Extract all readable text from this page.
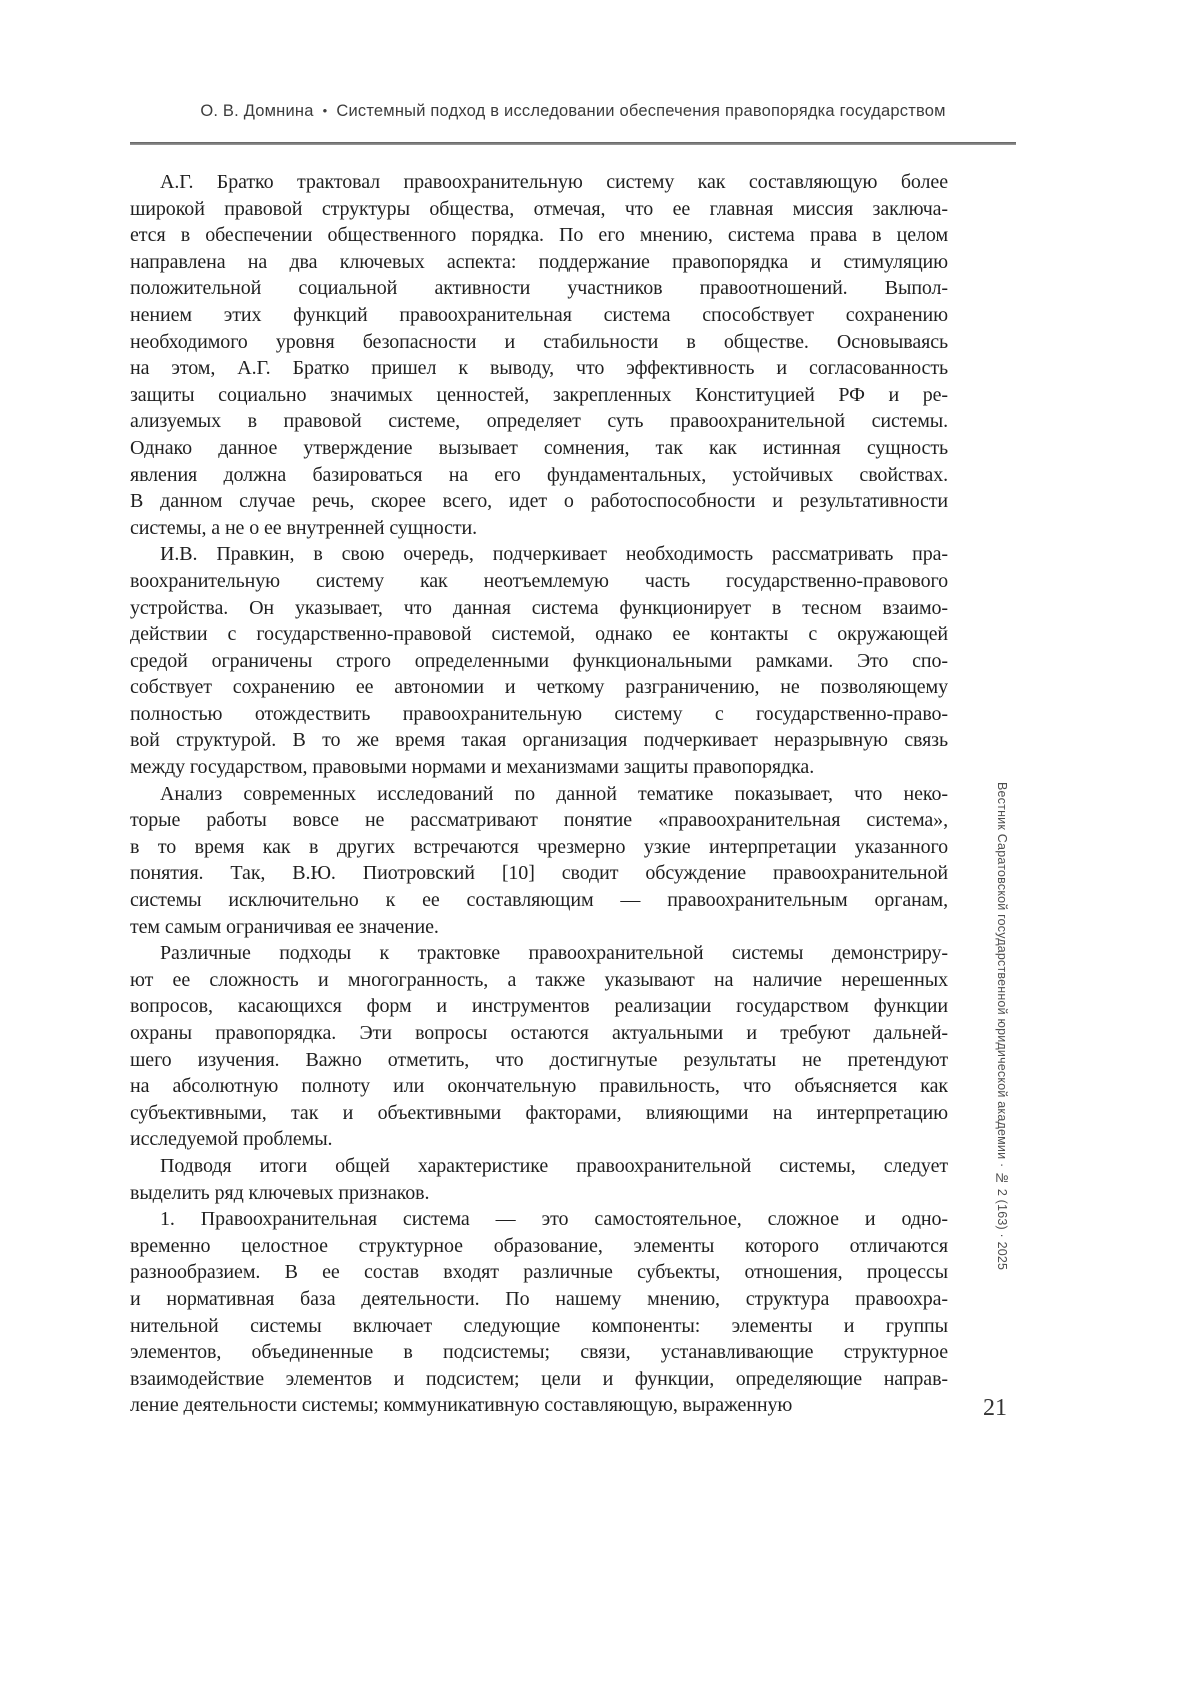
О. В. Домнина • Системный подход в исследовании обеспечения правопорядка государством
А.Г. Братко трактовал правоохранительную систему как составляющую более
широкой правовой структуры общества, отмечая, что ее главная миссия заключа-
ется в обеспечении общественного порядка. По его мнению, система права в целом
направлена на два ключевых аспекта: поддержание правопорядка и стимуляцию
положительной социальной активности участников правоотношений. Выпол-
нением этих функций правоохранительная система способствует сохранению
необходимого уровня безопасности и стабильности в обществе. Основываясь
на этом, А.Г. Братко пришел к выводу, что эффективность и согласованность
защиты социально значимых ценностей, закрепленных Конституцией РФ и ре-
ализуемых в правовой системе, определяет суть правоохранительной системы.
Однако данное утверждение вызывает сомнения, так как истинная сущность
явления должна базироваться на его фундаментальных, устойчивых свойствах.
В данном случае речь, скорее всего, идет о работоспособности и результативности
системы, а не о ее внутренней сущности.
И.В. Правкин, в свою очередь, подчеркивает необходимость рассматривать пра-
воохранительную систему как неотъемлемую часть государственно-правового
устройства. Он указывает, что данная система функционирует в тесном взаимо-
действии с государственно-правовой системой, однако ее контакты с окружающей
средой ограничены строго определенными функциональными рамками. Это спо-
собствует сохранению ее автономии и четкому разграничению, не позволяющему
полностью отождествить правоохранительную систему с государственно-право-
вой структурой. В то же время такая организация подчеркивает неразрывную связь
между государством, правовыми нормами и механизмами защиты правопорядка.
Анализ современных исследований по данной тематике показывает, что неко-
торые работы вовсе не рассматривают понятие «правоохранительная система»,
в то время как в других встречаются чрезмерно узкие интерпретации указанного
понятия. Так, В.Ю. Пиотровский [10] сводит обсуждение правоохранительной
системы исключительно к ее составляющим — правоохранительным органам,
тем самым ограничивая ее значение.
Различные подходы к трактовке правоохранительной системы демонстриру-
ют ее сложность и многогранность, а также указывают на наличие нерешенных
вопросов, касающихся форм и инструментов реализации государством функции
охраны правопорядка. Эти вопросы остаются актуальными и требуют дальней-
шего изучения. Важно отметить, что достигнутые результаты не претендуют
на абсолютную полноту или окончательную правильность, что объясняется как
субъективными, так и объективными факторами, влияющими на интерпретацию
исследуемой проблемы.
Подводя итоги общей характеристике правоохранительной системы, следует
выделить ряд ключевых признаков.
1. Правоохранительная система — это самостоятельное, сложное и одно-
временно целостное структурное образование, элементы которого отличаются
разнообразием. В ее состав входят различные субъекты, отношения, процессы
и нормативная база деятельности. По нашему мнению, структура правоохра-
нительной системы включает следующие компоненты: элементы и группы
элементов, объединенные в подсистемы; связи, устанавливающие структурное
взаимодействие элементов и подсистем; цели и функции, определяющие направ-
ление деятельности системы; коммуникативную составляющую, выраженную
Вестник Саратовской государственной юридической академии · № 2 (163) · 2025
21
